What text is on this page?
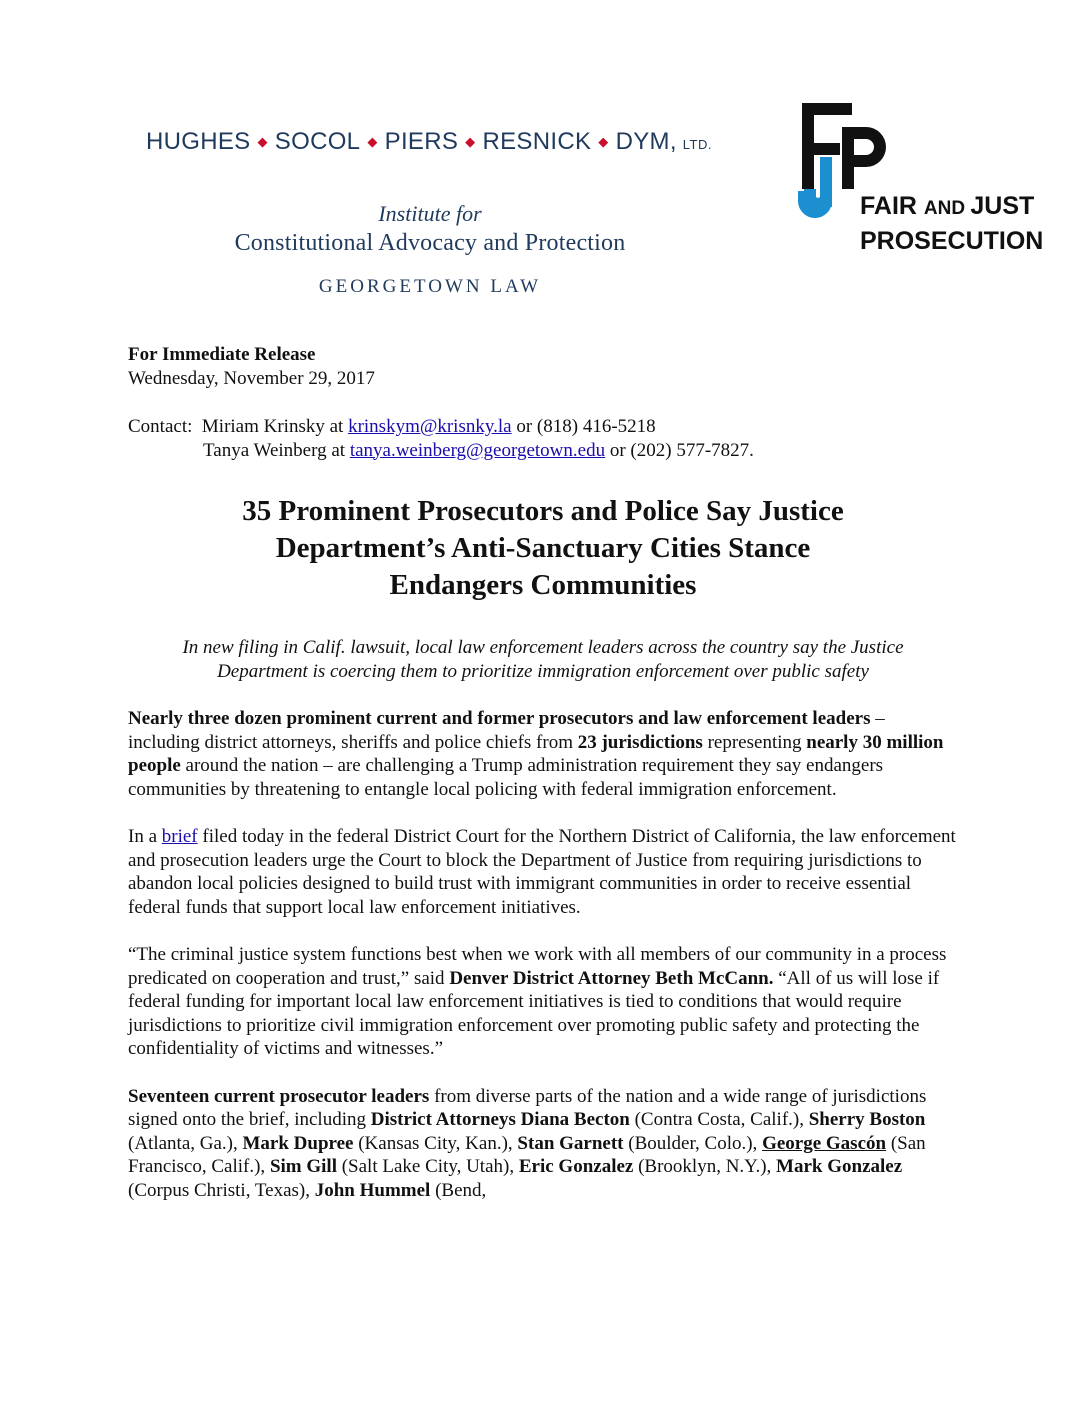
HUGHES ◆ SOCOL ◆ PIERS ◆ RESNICK ◆ DYM, LTD.
Institute for
Constitutional Advocacy and Protection
GEORGETOWN LAW
FAIR AND JUST
PROSECUTION

For Immediate Release

Wednesday, November 29, 2017

Contact: Miriam Krinsky at krinskym@krisnky.la or (818) 416-5218

Tanya Weinberg at tanya.weinberg@georgetown.edu or (202) 577-7827.

35 Prominent Prosecutors and Police Say Justice
Department’s Anti-Sanctuary Cities Stance
Endangers Communities

In new filing in Calif. lawsuit, local law enforcement leaders across the country say the Justice
Department is coercing them to prioritize immigration enforcement over public safety

Nearly three dozen prominent current and former prosecutors and law enforcement leaders – including district attorneys, sheriffs and police chiefs from 23 jurisdictions representing nearly 30 million people around the nation – are challenging a Trump administration requirement they say endangers communities by threatening to entangle local policing with federal immigration enforcement.

In a brief filed today in the federal District Court for the Northern District of California, the law enforcement and prosecution leaders urge the Court to block the Department of Justice from requiring jurisdictions to abandon local policies designed to build trust with immigrant communities in order to receive essential federal funds that support local law enforcement initiatives.

“The criminal justice system functions best when we work with all members of our community in a process predicated on cooperation and trust,” said Denver District Attorney Beth McCann. “All of us will lose if federal funding for important local law enforcement initiatives is tied to conditions that would require jurisdictions to prioritize civil immigration enforcement over promoting public safety and protecting the confidentiality of victims and witnesses.”

Seventeen current prosecutor leaders from diverse parts of the nation and a wide range of jurisdictions signed onto the brief, including District Attorneys Diana Becton (Contra Costa, Calif.), Sherry Boston (Atlanta, Ga.), Mark Dupree (Kansas City, Kan.), Stan Garnett (Boulder, Colo.), George Gascón (San Francisco, Calif.), Sim Gill (Salt Lake City, Utah), Eric Gonzalez (Brooklyn, N.Y.), Mark Gonzalez (Corpus Christi, Texas), John Hummel (Bend,
